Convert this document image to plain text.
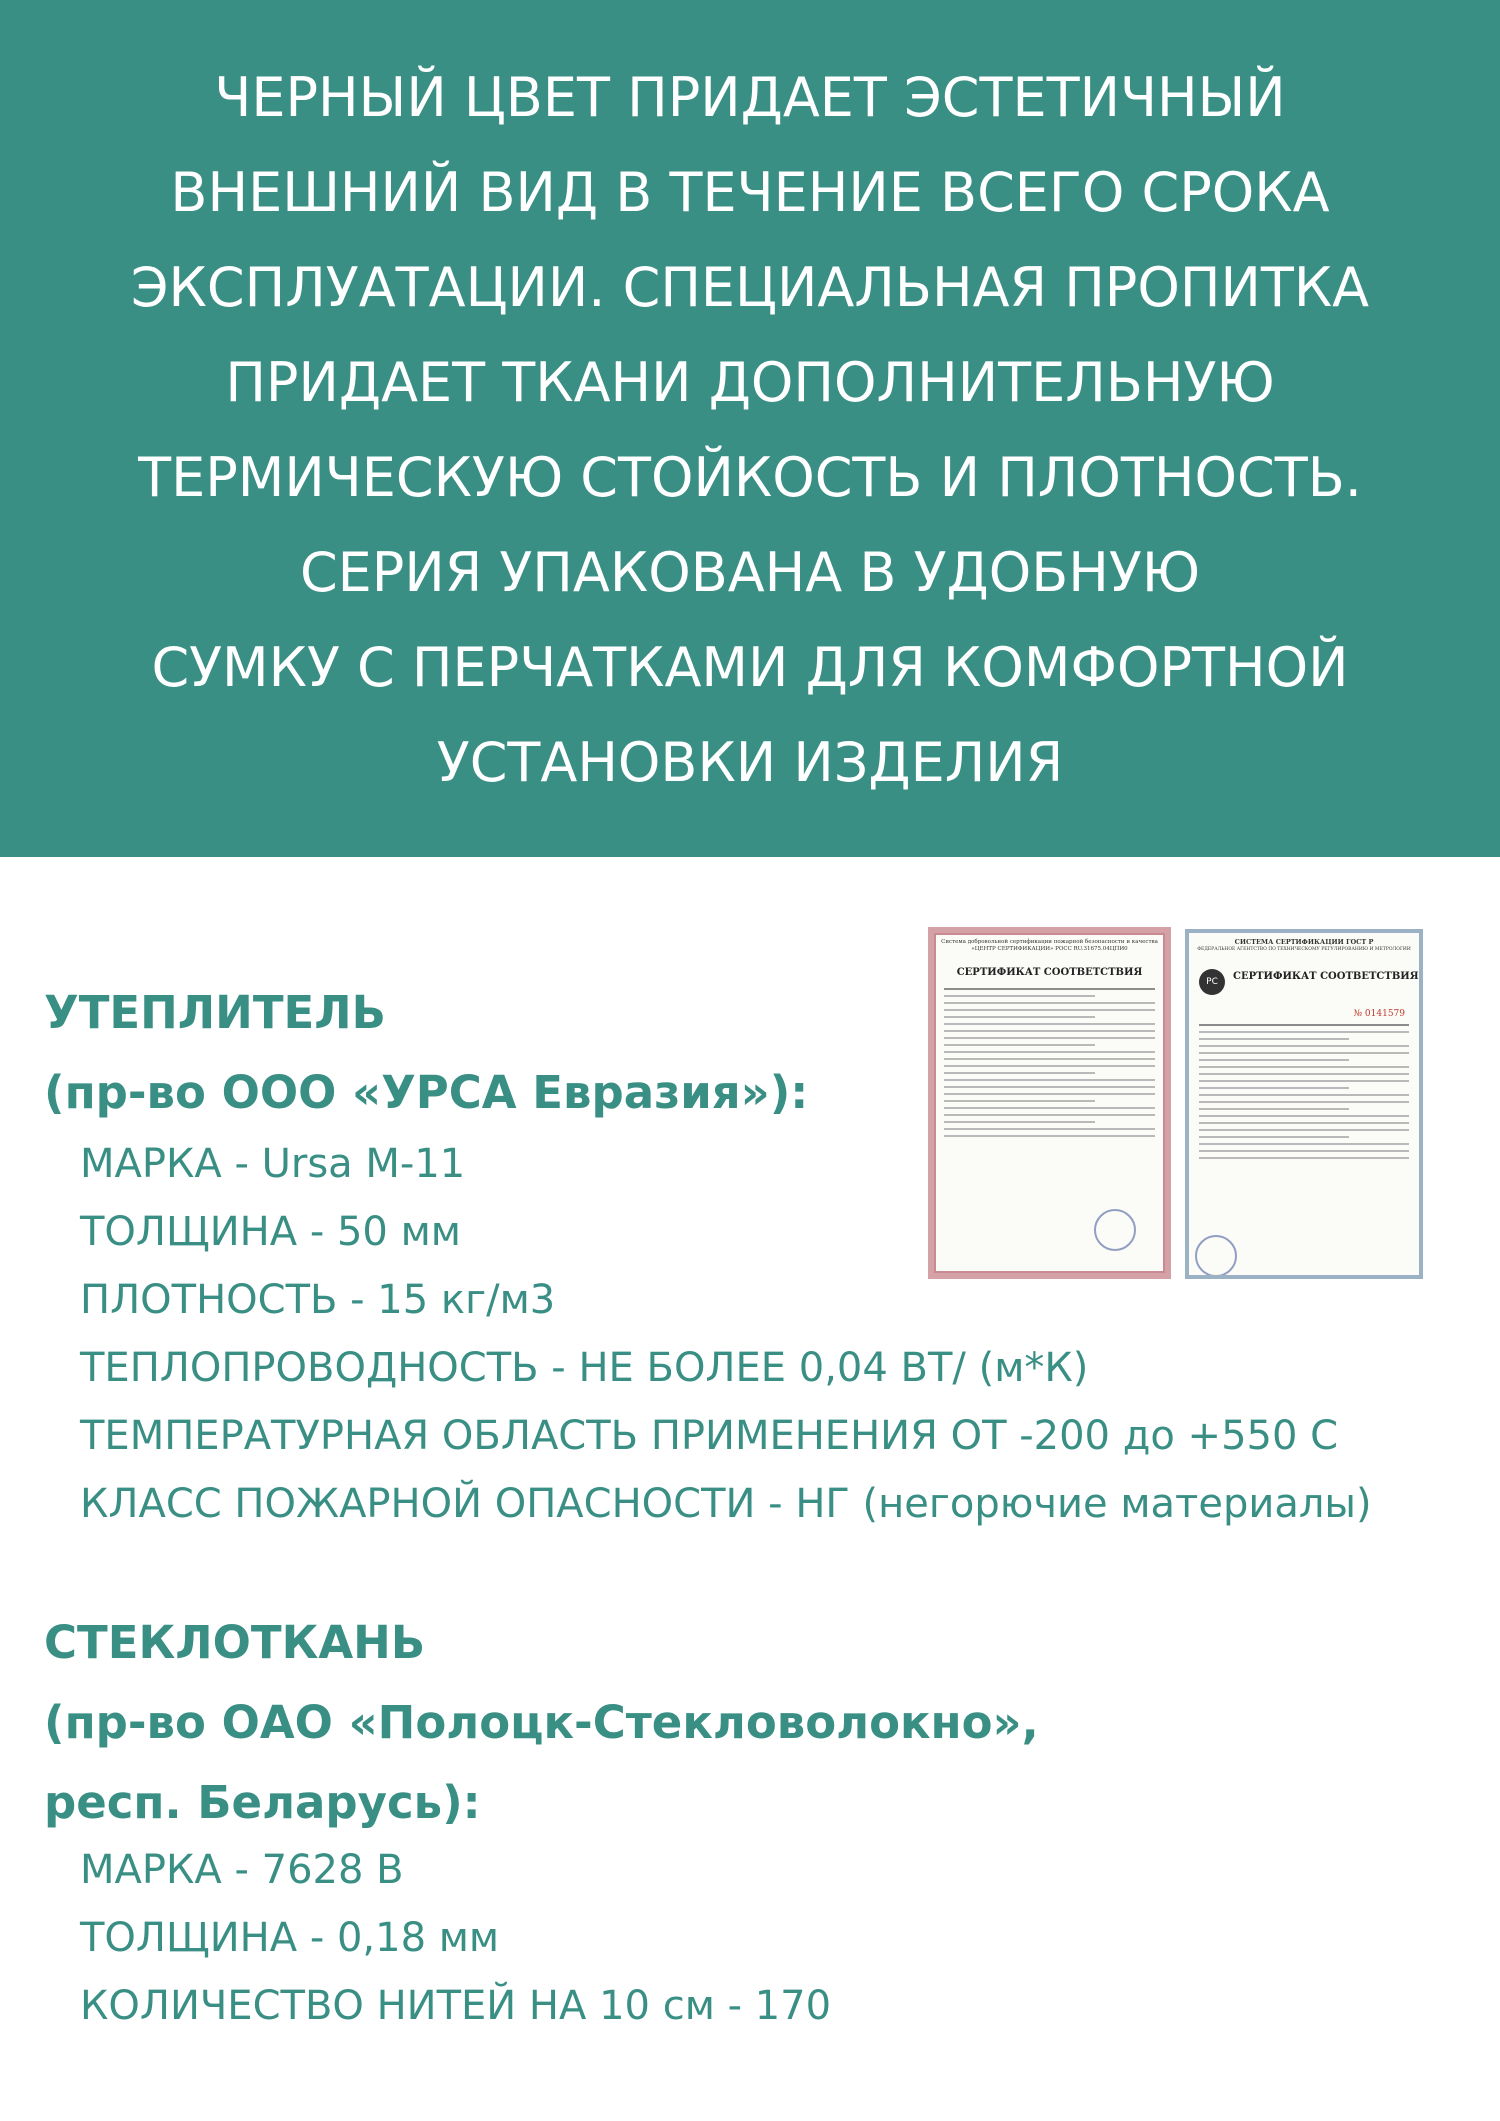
ЧЕРНЫЙ ЦВЕТ ПРИДАЕТ ЭСТЕТИЧНЫЙ
ВНЕШНИЙ ВИД В ТЕЧЕНИЕ ВСЕГО СРОКА
ЭКСПЛУАТАЦИИ. СПЕЦИАЛЬНАЯ ПРОПИТКА
ПРИДАЕТ ТКАНИ ДОПОЛНИТЕЛЬНУЮ
ТЕРМИЧЕСКУЮ СТОЙКОСТЬ И ПЛОТНОСТЬ.
СЕРИЯ УПАКОВАНА В УДОБНУЮ
СУМКУ С ПЕРЧАТКАМИ ДЛЯ КОМФОРТНОЙ
УСТАНОВКИ ИЗДЕЛИЯ
УТЕПЛИТЕЛЬ
(пр-во ООО «УРСА Евразия»):
МАРКА - Ursa M-11
ТОЛЩИНА - 50 мм
ПЛОТНОСТЬ - 15 кг/м3
ТЕПЛОПРОВОДНОСТЬ - НЕ БОЛЕЕ 0,04 ВТ/ (м*К)
ТЕМПЕРАТУРНАЯ ОБЛАСТЬ ПРИМЕНЕНИЯ ОТ -200 до +550 С
КЛАСС ПОЖАРНОЙ ОПАСНОСТИ - НГ (негорючие материалы)
СТЕКЛОТКАНЬ
(пр-во ОАО «Полоцк-Стекловолокно»,
респ. Беларусь):
МАРКА - 7628 В
ТОЛЩИНА - 0,18 мм
КОЛИЧЕСТВО НИТЕЙ НА 10 см - 170
Система добровольной сертификации пожарной безопасности и качества «ЦЕНТР СЕРТИФИКАЦИИ» РОСС RU.З1675.04ЦПИ0
СЕРТИФИКАТ СООТВЕТСТВИЯ
СИСТЕМА СЕРТИФИКАЦИИ ГОСТ Р
ФЕДЕРАЛЬНОЕ АГЕНТСТВО ПО ТЕХНИЧЕСКОМУ РЕГУЛИРОВАНИЮ И МЕТРОЛОГИИ
РС	СЕРТИФИКАТ СООТВЕТСТВИЯ
№ 0141579
